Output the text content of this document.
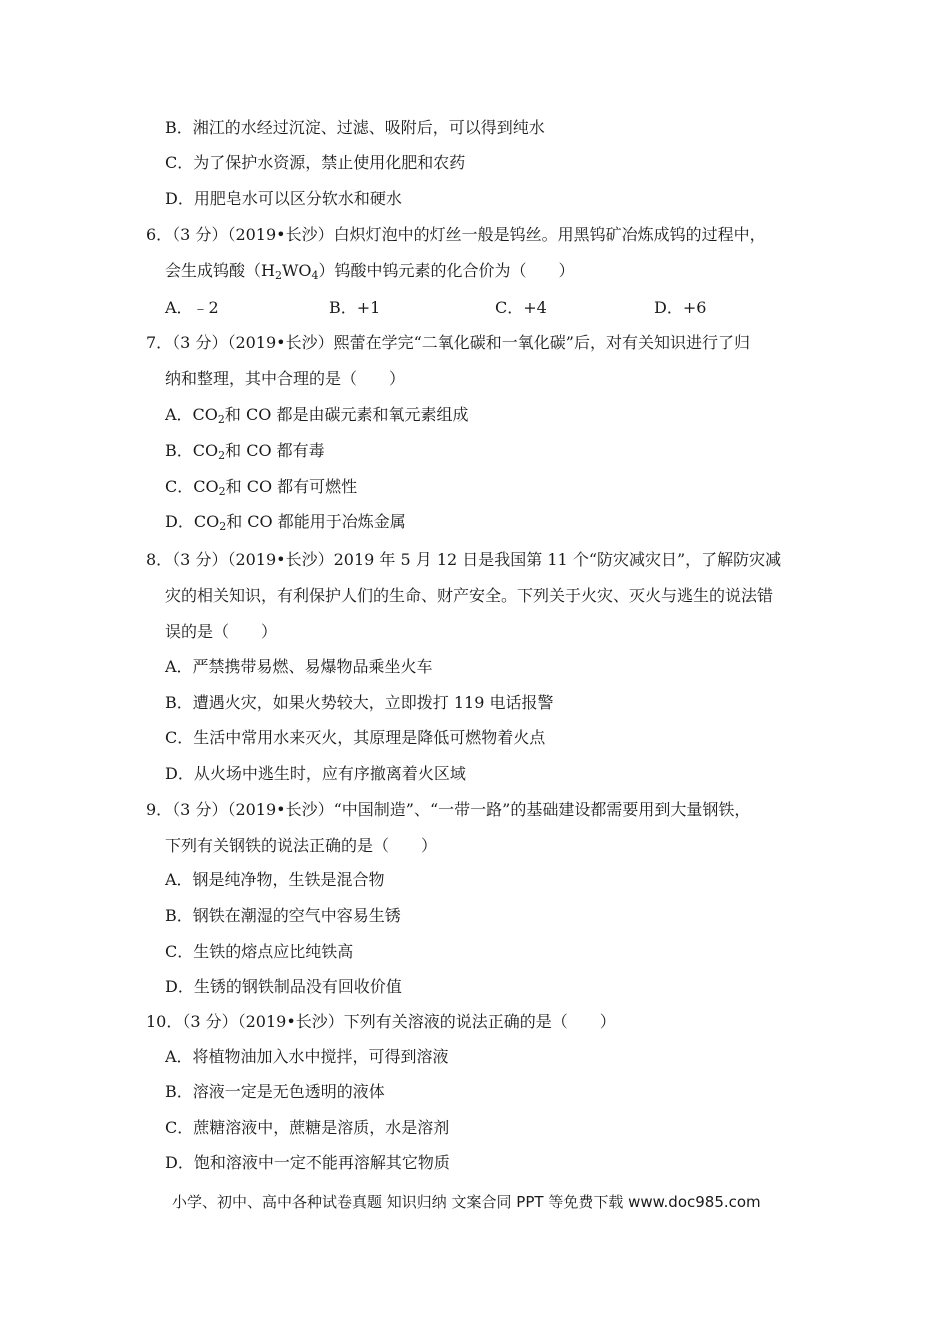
B．湘江的水经过沉淀、过滤、吸附后，可以得到纯水
C．为了保护水资源，禁止使用化肥和农药
D．用肥皂水可以区分软水和硬水
6．（3 分）（2019•长沙）白炽灯泡中的灯丝一般是钨丝。用黑钨矿冶炼成钨的过程中，
会生成钨酸$(H_2WO_4)$钨酸中钨元素的化合价为（　　）
A．﹣2	B．+1	C．+4	D．+6
7．（3 分）（2019•长沙）熙蕾在学完“二氧化碳和一氧化碳”后，对有关知识进行了归
纳和整理，其中合理的是（　　）
A．$CO_2$和 CO 都是由碳元素和氧元素组成
B．$CO_2$和 CO 都有毒
C．$CO_2$和 CO 都有可燃性
D．$CO_2$和 CO 都能用于冶炼金属
8．（3 分）（2019•长沙）2019 年 5 月 12 日是我国第 11 个“防灾减灾日”，了解防灾减
灾的相关知识，有利保护人们的生命、财产安全。下列关于火灾、灭火与逃生的说法错
误的是（　　）
A．严禁携带易燃、易爆物品乘坐火车
B．遭遇火灾，如果火势较大，立即拨打 119 电话报警
C．生活中常用水来灭火，其原理是降低可燃物着火点
D．从火场中逃生时，应有序撤离着火区域
9．（3 分）（2019•长沙）“中国制造”、“一带一路”的基础建设都需要用到大量钢铁，
下列有关钢铁的说法正确的是（　　）
A．钢是纯净物，生铁是混合物
B．钢铁在潮湿的空气中容易生锈
C．生铁的熔点应比纯铁高
D．生锈的钢铁制品没有回收价值
10．（3 分）（2019•长沙）下列有关溶液的说法正确的是（　　）
A．将植物油加入水中搅拌，可得到溶液
B．溶液一定是无色透明的液体
C．蔗糖溶液中，蔗糖是溶质，水是溶剂
D．饱和溶液中一定不能再溶解其它物质
小学、初中、高中各种试卷真题 知识归纳 文案合同 PPT 等免费下载 www.doc985.com
